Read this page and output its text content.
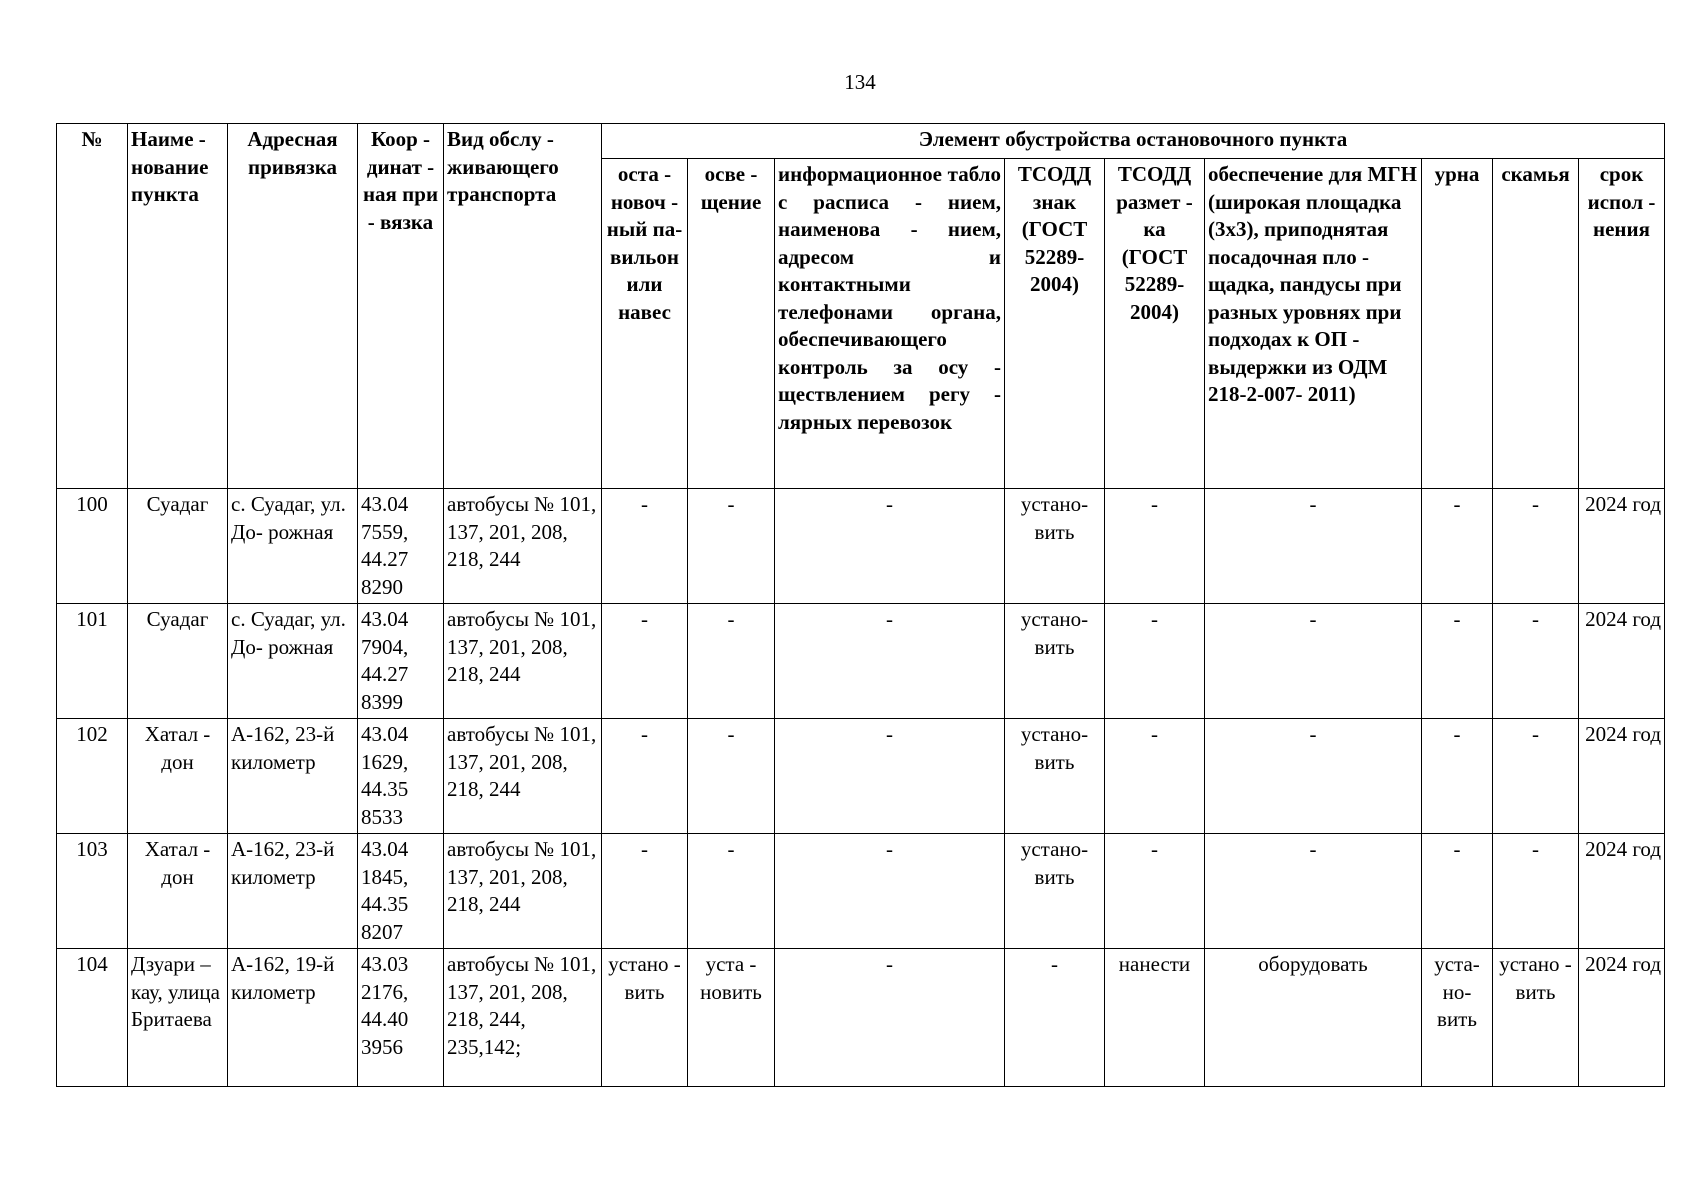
134
№	Наиме - нование пункта	Адресная привязка	Коор - динат - ная при - вязка	Вид обслу - живающего транспорта	Элемент обустройства остановочного пункта								
					оста - новоч - ный па- вильон или навес	осве - щение	информационное табло с расписа - нием, наименова - нием, адресом и контактными телефонами органа, обеспечивающего контроль за осу - ществлением регу - лярных перевозок	ТСОДД знак (ГОСТ 52289- 2004)	ТСОДД размет - ка (ГОСТ 52289- 2004)	обеспечение для МГН (широкая площадка (3х3), приподнятая посадочная пло - щадка, пандусы при разных уровнях при подходах к ОП - выдержки из ОДМ 218-2-007- 2011)	урна	скамья	срок испол - нения
100	Суадаг	с. Суадаг, ул. До- рожная	43.04 7559, 44.27 8290	автобусы № 101, 137, 201, 208, 218, 244	-	-	-	устано- вить	-	-	-	-	2024 год
101	Суадаг	с. Суадаг, ул. До- рожная	43.04 7904, 44.27 8399	автобусы № 101, 137, 201, 208, 218, 244	-	-	-	устано- вить	-	-	-	-	2024 год
102	Хатал - дон	А-162, 23-й километр	43.04 1629, 44.35 8533	автобусы № 101, 137, 201, 208, 218, 244	-	-	-	устано- вить	-	-	-	-	2024 год
103	Хатал - дон	А-162, 23-й километр	43.04 1845, 44.35 8207	автобусы № 101, 137, 201, 208, 218, 244	-	-	-	устано- вить	-	-	-	-	2024 год
104	Дзуари – кау, улица Бритаева	А-162, 19-й километр	43.03 2176, 44.40 3956	автобусы № 101, 137, 201, 208, 218, 244, 235,142;	устано - вить	уста - новить	-	-	нанести	оборудовать	уста- но- вить	устано - вить	2024 год
